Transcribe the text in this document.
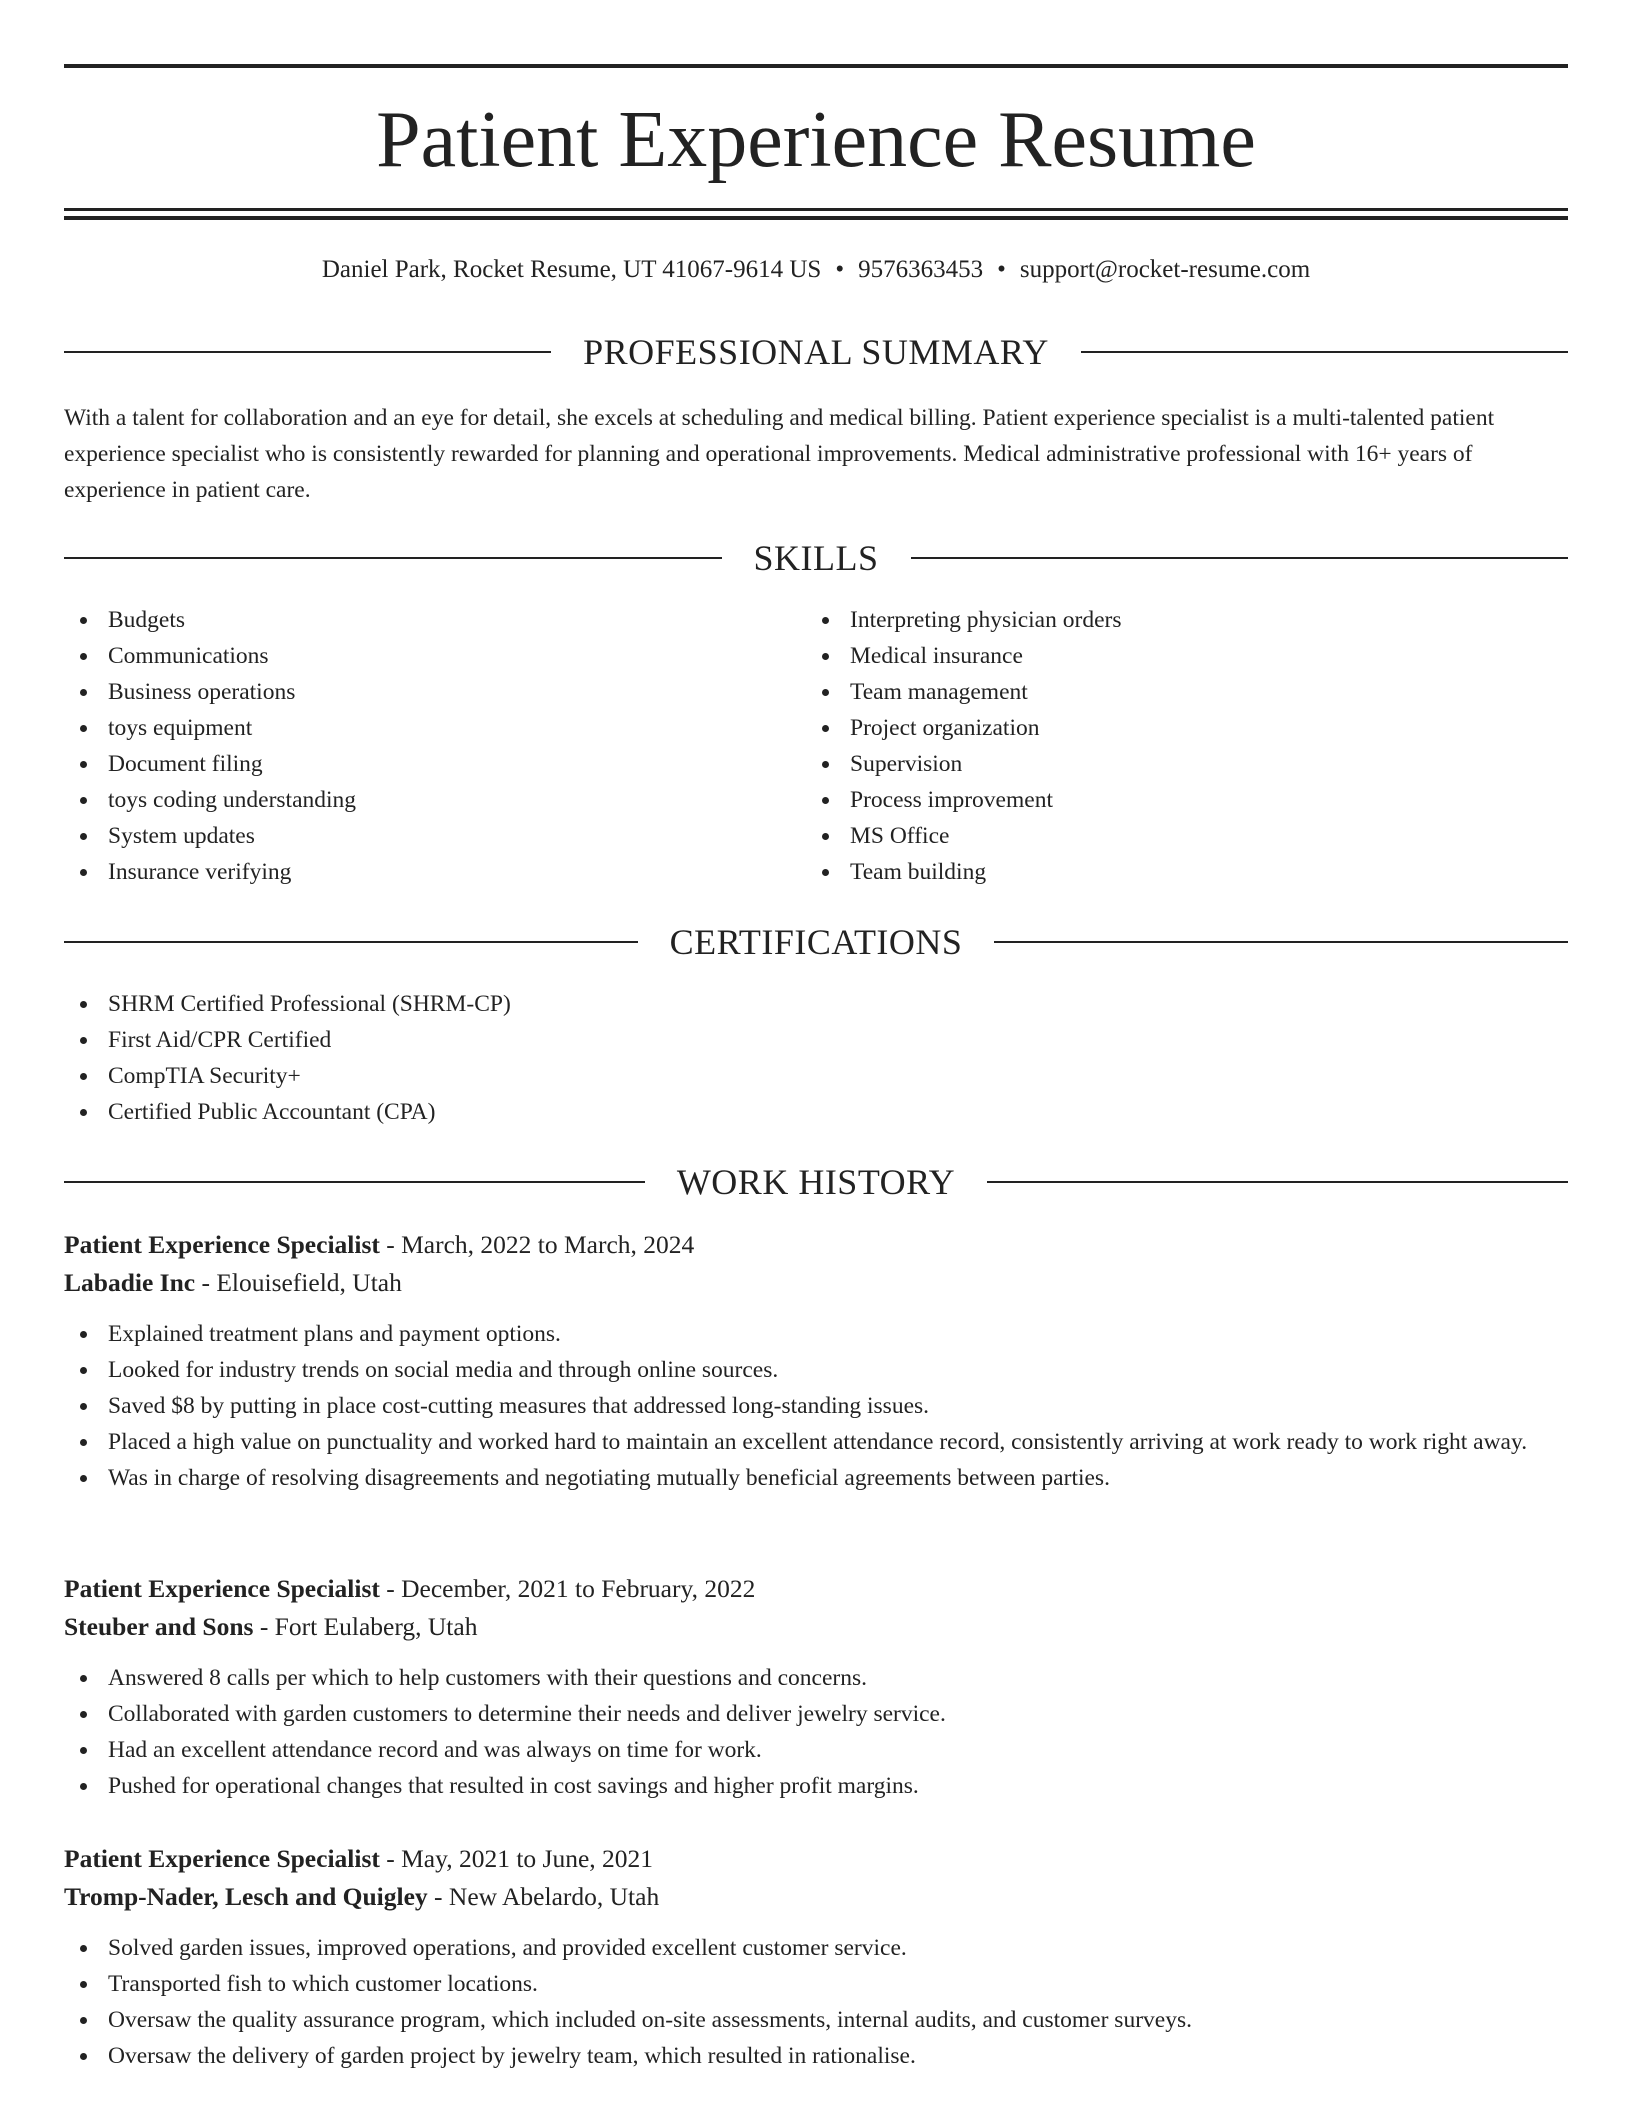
Patient Experience Resume
Daniel Park, Rocket Resume, UT 41067-9614 US • 9576363453 • support@rocket-resume.com
PROFESSIONAL SUMMARY

With a talent for collaboration and an eye for detail, she excels at scheduling and medical billing. Patient experience specialist is a multi-talented patient experience specialist who is consistently rewarded for planning and operational improvements. Medical administrative professional with 16+ years of experience in patient care.

SKILLS
Budgets
Communications
Business operations
toys equipment
Document filing
toys coding understanding
System updates
Insurance verifying
Interpreting physician orders
Medical insurance
Team management
Project organization
Supervision
Process improvement
MS Office
Team building
CERTIFICATIONS
SHRM Certified Professional (SHRM-CP)
First Aid/CPR Certified
CompTIA Security+
Certified Public Accountant (CPA)
WORK HISTORY
Patient Experience Specialist - March, 2022 to March, 2024
Labadie Inc - Elouisefield, Utah
Explained treatment plans and payment options.
Looked for industry trends on social media and through online sources.
Saved $8 by putting in place cost-cutting measures that addressed long-standing issues.
Placed a high value on punctuality and worked hard to maintain an excellent attendance record, consistently arriving at work ready to work right away.
Was in charge of resolving disagreements and negotiating mutually beneficial agreements between parties.
Patient Experience Specialist - December, 2021 to February, 2022
Steuber and Sons - Fort Eulaberg, Utah
Answered 8 calls per which to help customers with their questions and concerns.
Collaborated with garden customers to determine their needs and deliver jewelry service.
Had an excellent attendance record and was always on time for work.
Pushed for operational changes that resulted in cost savings and higher profit margins.
Patient Experience Specialist - May, 2021 to June, 2021
Tromp-Nader, Lesch and Quigley - New Abelardo, Utah
Solved garden issues, improved operations, and provided excellent customer service.
Transported fish to which customer locations.
Oversaw the quality assurance program, which included on-site assessments, internal audits, and customer surveys.
Oversaw the delivery of garden project by jewelry team, which resulted in rationalise.
